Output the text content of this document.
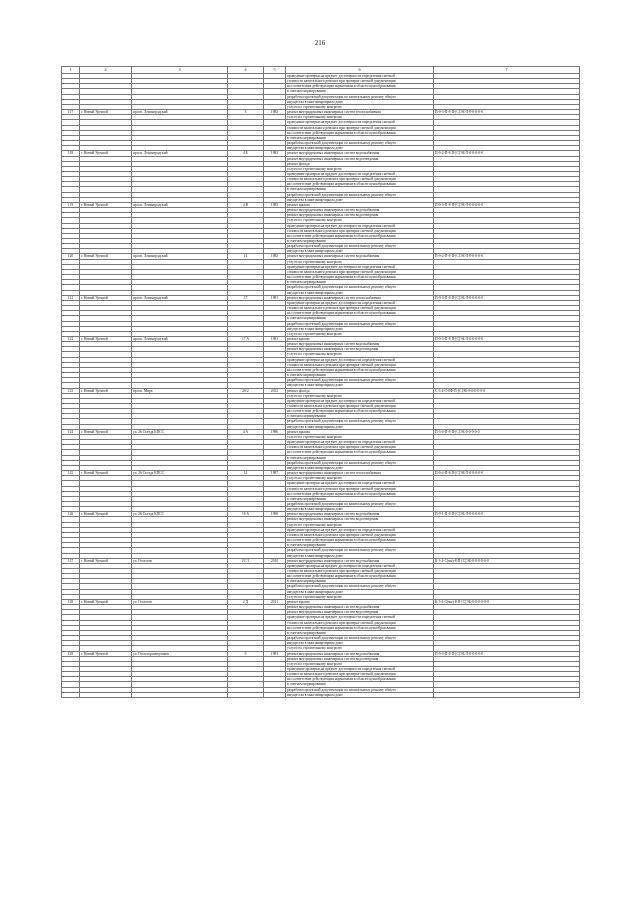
216
1	2	3	4	5	6	7
					проведение проверки на предмет достоверности определения сметной	
					стоимости капитального ремонта при проверке сметной документации	
					на соответствие действующим нормативам в области ценообразования	
					в сметном нормировании	
					разработка проектной документации по капитальному ремонту общего	
					имущества в многоквартирном доме	
					услуги по строительному контролю	
117	г. Новый Уренгой	просп. Ленинградский	3	1982	ремонт внутридомовых инженерных систем теплоснабжения	П-9-3-П-8-П-[С]ЭБ-Л-0-0-0-0-0
					услуги по строительному контролю	
					проведение проверки на предмет достоверности определения сметной	
					стоимости капитального ремонта при проверке сметной документации	
					на соответствие действующим нормативам в области ценообразования	
					в сметном нормировании	
					разработка проектной документации по капитальному ремонту общего	
					имущества в многоквартирном доме	
118	г. Новый Уренгой	просп. Ленинградский	4 Б	1983	ремонт внутридомовых инженерных систем водоснабжения	П-9-2-П-8-П-[С]ЭБ-Л-0-0-0-0-0
					ремонт внутридомовых инженерных систем водоотведения	
					ремонт фасада	
					услуги по строительному контролю	
					проведение проверки на предмет достоверности определения сметной	
					стоимости капитального ремонта при проверке сметной документации	
					на соответствие действующим нормативам в области ценообразования	
					в сметном нормировании	
					разработка проектной документации по капитальному ремонту общего	
					имущества в многоквартирном доме	
119	г. Новый Уренгой	просп. Ленинградский	4 В	1983	ремонт крыши	П-9-3-П-8-П-[С]ЭБ-Л-0-0-0-0-0
					ремонт внутридомовых инженерных систем водоснабжения	
					ремонт внутридомовых инженерных систем водоотведения	
					услуги по строительному контролю	
					проведение проверки на предмет достоверности определения сметной	
					стоимости капитального ремонта при проверке сметной документации	
					на соответствие действующим нормативам в области ценообразования	
					в сметном нормировании	
					разработка проектной документации по капитальному ремонту общего	
					имущества в многоквартирном доме	
120	г. Новый Уренгой	просп. Ленинградский	14	1982	ремонт внутридомовых инженерных систем водоснабжения	П-9-2-П-8-П-[С]ЭБ-Л-0-0-0-0-0
					услуги по строительному контролю	
					проведение проверки на предмет достоверности определения сметной	
					стоимости капитального ремонта при проверке сметной документации	
					на соответствие действующим нормативам в области ценообразования	
					в сметном нормировании	
					разработка проектной документации по капитальному ремонту общего	
					имущества в многоквартирном доме	
121	г. Новый Уренгой	просп. Ленинградский	17	1981	ремонт внутридомовых инженерных систем теплоснабжения	П-9-3-П-8-П-[С]ЭБ-Л-0-0-0-0-0
					проведение проверки на предмет достоверности определения сметной	
					стоимости капитального ремонта при проверке сметной документации	
					на соответствие действующим нормативам в области ценообразования	
					в сметном нормировании	
					разработка проектной документации по капитальному ремонту общего	
					имущества в многоквартирном доме	
					услуги по строительному контролю	
122	г. Новый Уренгой	просп. Ленинградский	17 А	1981	ремонт крыши	П-9-3-П-8-П-[С]ЭБ-Л-0-0-0-0-0
					ремонт внутридомовых инженерных систем водоснабжения	
					ремонт внутридомовых инженерных систем водоотведения	
					услуги по строительному контролю	
					проведение проверки на предмет достоверности определения сметной	
					стоимости капитального ремонта при проверке сметной документации	
					на соответствие действующим нормативам в области ценообразования	
					в сметном нормировании	
					разработка проектной документации по капитальному ремонту общего	
					имущества в многоквартирном доме	
123	г. Новый Уренгой	просп. Мира	26/2	2012	ремонт фасада	С-3-4-С-8Ф-П-[С]ЭБ-0-0-0-0-0-0
					услуги по строительному контролю	
					проведение проверки на предмет достоверности определения сметной	
					стоимости капитального ремонта при проверке сметной документации	
					на соответствие действующим нормативам в области ценообразования	
					в сметном нормировании	
					разработка проектной документации по капитальному ремонту общего	
					имущества в многоквартирном доме	
124	г. Новый Уренгой	ул. 26 Съезда КПСС	4 А	1986	ремонт крыши	П-3-4-П-8-П-[С]ЭБ-0-0-0-0-0
					услуги по строительному контролю	
					проведение проверки на предмет достоверности определения сметной	
					стоимости капитального ремонта при проверке сметной документации	
					на соответствие действующим нормативам в области ценообразования	
					в сметном нормировании	
					разработка проектной документации по капитальному ремонту общего	
					имущества в многоквартирном доме	
125	г. Новый Уренгой	ул. 26 Съезда КПСС	12	1987	ремонт внутридомовых инженерных систем теплоснабжения	П-9-4-П-8-П-[С]ЭБ-Л-0-0-0-0-0
					услуги по строительному контролю	
					проведение проверки на предмет достоверности определения сметной	
					стоимости капитального ремонта при проверке сметной документации	
					на соответствие действующим нормативам в области ценообразования	
					в сметном нормировании	
					разработка проектной документации по капитальному ремонту общего	
					имущества в многоквартирном доме	
126	г. Новый Уренгой	ул. 26 Съезда КПСС	16 А	1990	ремонт внутридомовых инженерных систем водоснабжения	П-9-1-П-8-П-[С]ЭБ-Л-0-0-0-0-0
					ремонт внутридомовых инженерных систем водоотведения	
					услуги по строительному контролю	
					проведение проверки на предмет достоверности определения сметной	
					стоимости капитального ремонта при проверке сметной документации	
					на соответствие действующим нормативам в области ценообразования	
					в сметном нормировании	
					разработка проектной документации по капитальному ремонту общего	
					имущества в многоквартирном доме	
127	г. Новый Уренгой	ул. Геологов	2 Г/1	2010	ремонт внутридомовых инженерных систем водоснабжения	К-3-4-С(мн)-8-П-[С]ЭБ-0-0-0-0-0-0
					проведение проверки на предмет достоверности определения сметной	
					стоимости капитального ремонта при проверке сметной документации	
					на соответствие действующим нормативам в области ценообразования	
					в сметном нормировании	
					разработка проектной документации по капитальному ремонту общего	
					имущества в многоквартирном доме	
					услуги по строительному контролю	
128	г. Новый Уренгой	ул. Геологов	2 Д	2011	ремонт крыши	К-3-4-С(мн)-8-П-[С]ЭБ-0-0-0-0-0-0
					ремонт внутридомовых инженерных систем водоснабжения	
					ремонт внутридомовых инженерных систем водоотведения	
					проведение проверки на предмет достоверности определения сметной	
					стоимости капитального ремонта при проверке сметной документации	
					на соответствие действующим нормативам в области ценообразования	
					в сметном нормировании	
					разработка проектной документации по капитальному ремонту общего	
					имущества в многоквартирном доме	
					услуги по строительному контролю	
129	г. Новый Уренгой	ул. Геологоразведчиков	9	1981	ремонт внутридомовых инженерных систем водоснабжения	П-9-3-П-8-П-[С]ЭБ-Л-0-0-0-0-0
					ремонт внутридомовых инженерных систем водоотведения	
					услуги по строительному контролю	
					проведение проверки на предмет достоверности определения сметной	
					стоимости капитального ремонта при проверке сметной документации	
					на соответствие действующим нормативам в области ценообразования	
					в сметном нормировании	
					разработка проектной документации по капитальному ремонту общего	
					имущества в многоквартирном доме	
